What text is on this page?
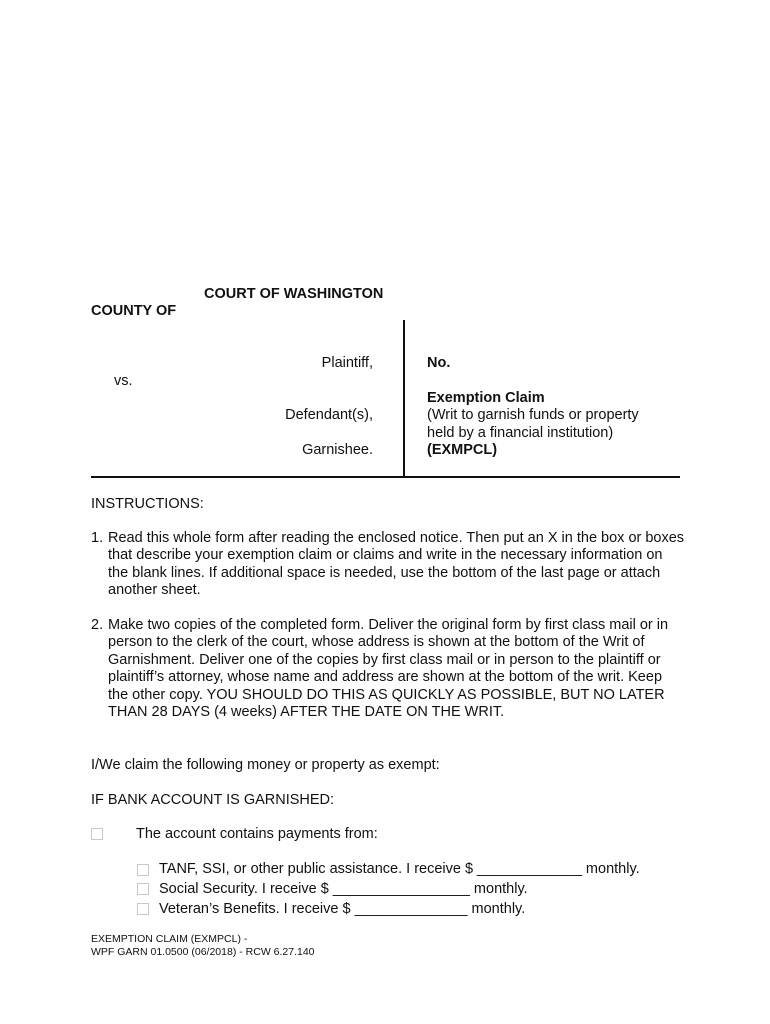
COURT OF WASHINGTON
COUNTY OF
Plaintiff,
vs.
Defendant(s),
Garnishee.
No.
Exemption Claim
(Writ to garnish funds or property
held by a financial institution)
(EXMPCL)
INSTRUCTIONS:
1. Read this whole form after reading the enclosed notice. Then put an X in the box or boxes that describe your exemption claim or claims and write in the necessary information on the blank lines. If additional space is needed, use the bottom of the last page or attach another sheet.
2. Make two copies of the completed form. Deliver the original form by first class mail or in person to the clerk of the court, whose address is shown at the bottom of the Writ of Garnishment. Deliver one of the copies by first class mail or in person to the plaintiff or plaintiff’s attorney, whose name and address are shown at the bottom of the writ. Keep the other copy. YOU SHOULD DO THIS AS QUICKLY AS POSSIBLE, BUT NO LATER THAN 28 DAYS (4 weeks) AFTER THE DATE ON THE WRIT.
I/We claim the following money or property as exempt:
IF BANK ACCOUNT IS GARNISHED:
The account contains payments from:
TANF, SSI, or other public assistance. I receive $ _____________ monthly.
Social Security. I receive $ _________________ monthly.
Veteran’s Benefits. I receive $ ______________ monthly.
EXEMPTION CLAIM (EXMPCL) -
WPF GARN 01.0500 (06/2018) - RCW 6.27.140
